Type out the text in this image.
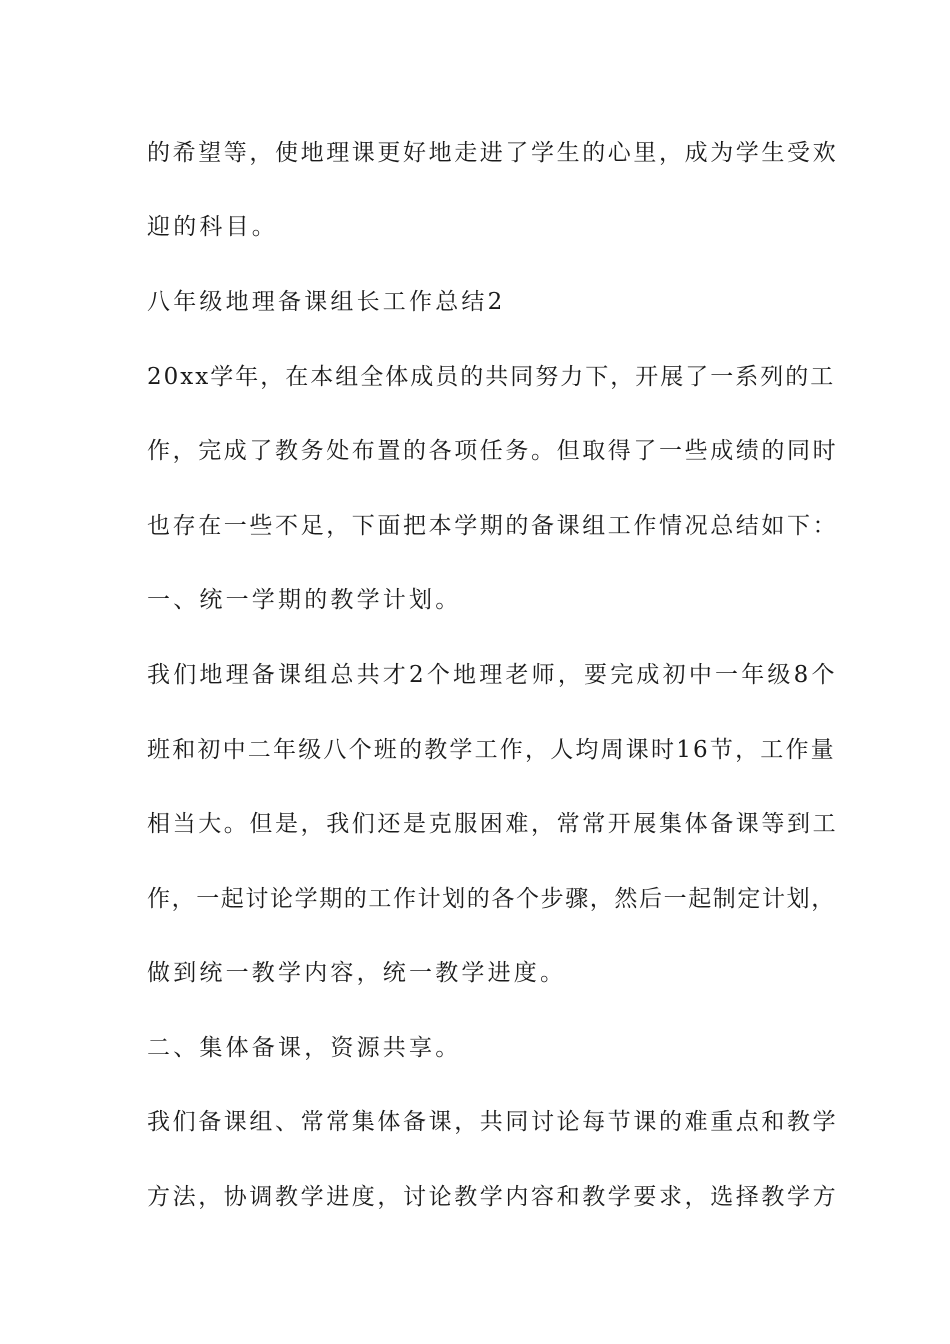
的希望等，使地理课更好地走进了学生的心里，成为学生受欢
迎的科目。
八年级地理备课组长工作总结2
20xx学年，在本组全体成员的共同努力下，开展了一系列的工
作，完成了教务处布置的各项任务。但取得了一些成绩的同时
也存在一些不足，下面把本学期的备课组工作情况总结如下：
一、统一学期的教学计划。
我们地理备课组总共才2个地理老师，要完成初中一年级8个
班和初中二年级八个班的教学工作，人均周课时16节，工作量
相当大。但是，我们还是克服困难，常常开展集体备课等到工
作，一起讨论学期的工作计划的各个步骤，然后一起制定计划，
做到统一教学内容，统一教学进度。
二、集体备课，资源共享。
我们备课组、常常集体备课，共同讨论每节课的难重点和教学
方法，协调教学进度，讨论教学内容和教学要求，选择教学方
